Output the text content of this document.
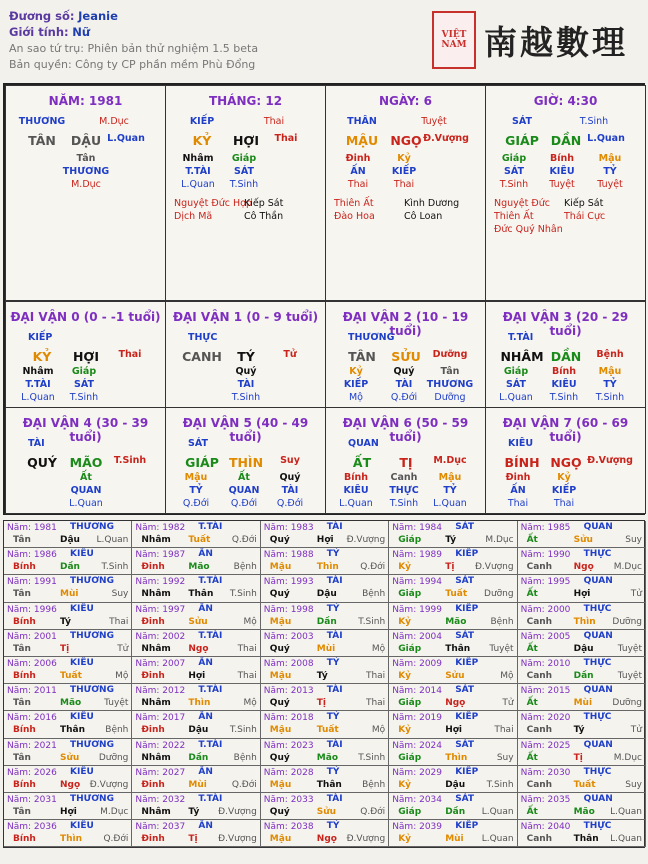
Đương số: Jeanie
Giới tính: Nữ
An sao tứ trụ: Phiên bản thử nghiệm 1.5 beta
Bản quyền: Công ty CP phần mềm Phù Đổng
VIỆT NAM 南越數理
NĂM: 1981
THƯƠNG	M.Dục
TÂN	DẬU L.Quan
Tân
THƯƠNG
M.Dục
THÁNG: 12
KIẾP	Thai
KỶ	HỢI	Thai
Nhâm	Giáp
T.TÀI	SÁT
L.Quan	T.Sinh
Nguyệt Đức Hợp
Kiếp Sát
Dịch Mã	Cô Thần
NGÀY: 6
THÂN	Tuyệt
MẬU NGỌ Đ.Vượng
Đinh	Kỷ
ẤN	KIẾP
Thai	Thai
Thiên Ất	Kình Dương
Đào Hoa	Cô Loan
GIỜ: 4:30
SÁT	T.Sinh
GIÁP DẦN L.Quan
Giáp	Bính	Mậu
SÁT	KIÊU	TỶ
T.Sinh	Tuyệt	Tuyệt
Nguyệt Đức Kiếp Sát
Thiên Ất	Thái Cực
Đức Quý Nhân
ĐẠI VẬN 0 (0 - -1 tuổi)
KIẾP
KỶ	HỢI	Thai
Nhâm	Giáp
T.TÀI	SÁT
L.Quan	T.Sinh
ĐẠI VẬN 1 (0 - 9 tuổi)
THỰC
CANH	TÝ	Tử
Quý
TÀI
T.Sinh
ĐẠI VẬN 2 (10 - 19 tuổi)
THƯƠNG
TÂN	SỬU	Dưỡng
Kỷ	Quý	Tân
KIẾP	TÀI	THƯƠNG
Mộ	Q.Đới	Dưỡng
ĐẠI VẬN 3 (20 - 29 tuổi)
T.TÀI
NHÂM DẦN	Bệnh
Giáp	Bính	Mậu
SÁT	KIÊU	TỶ
L.Quan	T.Sinh	T.Sinh
ĐẠI VẬN 4 (30 - 39 tuổi)
TÀI
QUÝ	MÃO	T.Sinh
Ất
QUAN
L.Quan
ĐẠI VẬN 5 (40 - 49 tuổi)
SÁT
GIÁP THÌN	Suy
Mậu	Ất	Quý
TỶ	QUAN	TÀI
Q.Đới	Q.Đới	Q.Đới
ĐẠI VẬN 6 (50 - 59 tuổi)
QUAN
ẤT	TỊ	M.Dục
Bính	Canh	Mậu
KIÊU	THỰC	TỶ
L.Quan	T.Sinh	L.Quan
ĐẠI VẬN 7 (60 - 69 tuổi)
KIÊU
BÍNH NGỌ Đ.Vượng
Đinh	Kỷ
ẤN	KIẾP
Thai	Thai
Năm: 1981 THƯƠNG
Tân	Dậu L.Quan
Năm: 1982 T.TÀI
Nhâm Tuất Q.Đới
Năm: 1983 TÀI
Quý	Hợi Đ.Vượng
Năm: 1984 SÁT
Giáp	Tý	M.Dục
Năm: 1985 QUAN
Ất	Sửu	Suy
Năm: 1986 KIÊU
Bính	Dần T.Sinh
Năm: 1987 ẤN
Đinh	Mão	Bệnh
Năm: 1988 TỶ
Mậu	Thìn Q.Đới
Năm: 1989 KIẾP
Kỷ	Tị Đ.Vượng
Năm: 1990 THỰC
Canh Ngọ M.Dục
Năm: 1991 THƯƠNG
Tân	Mùi	Suy
Năm: 1992 T.TÀI
Nhâm Thân T.Sinh
Năm: 1993 TÀI
Quý	Dậu	Bệnh
Năm: 1994 SÁT
Giáp	Tuất Dưỡng
Năm: 1995 QUAN
Ất	Hợi	Tử
Năm: 1996 KIÊU
Bính	Tý	Thai
Năm: 1997 ẤN
Đinh	Sửu	Mộ
Năm: 1998 TỶ
Mậu	Dần T.Sinh
Năm: 1999 KIẾP
Kỷ	Mão	Bệnh
Năm: 2000 THỰC
Canh Thìn Dưỡng
Năm: 2001 THƯƠNG
Tân	Tị	Tử
Năm: 2002 T.TÀI
Nhâm Ngọ	Thai
Năm: 2003 TÀI
Quý	Mùi	Mộ
Năm: 2004 SÁT
Giáp	Thân Tuyệt
Năm: 2005 QUAN
Ất	Dậu	Tuyệt
Năm: 2006 KIÊU
Bính	Tuất	Mộ
Năm: 2007 ẤN
Đinh	Hợi	Thai
Năm: 2008 TỶ
Mậu	Tý	Thai
Năm: 2009 KIẾP
Kỷ	Sửu	Mộ
Năm: 2010 THỰC
Canh Dần	Tuyệt
Năm: 2011 THƯƠNG
Tân	Mão	Tuyệt
Năm: 2012 T.TÀI
Nhâm Thìn	Mộ
Năm: 2013 TÀI
Quý	Tị	Thai
Năm: 2014 SÁT
Giáp	Ngọ	Tử
Năm: 2015 QUAN
Ất	Mùi Dưỡng
Năm: 2016 KIÊU
Bính	Thân Bệnh
Năm: 2017 ẤN
Đinh	Dậu T.Sinh
Năm: 2018 TỶ
Mậu	Tuất	Mộ
Năm: 2019 KIẾP
Kỷ	Hợi	Thai
Năm: 2020 THỰC
Canh Tý	Tử
Năm: 2021 THƯƠNG
Tân	Sửu Dưỡng
Năm: 2022 T.TÀI
Nhâm Dần	Bệnh
Năm: 2023 TÀI
Quý	Mão T.Sinh
Năm: 2024 SÁT
Giáp	Thìn	Suy
Năm: 2025 QUAN
Ất	Tị	M.Dục
Năm: 2026 KIÊU
Bính	Ngọ Đ.Vượng
Năm: 2027 ẤN
Đinh	Mùi	Q.Đới
Năm: 2028 TỶ
Mậu	Thân Bệnh
Năm: 2029 KIẾP
Kỷ	Dậu T.Sinh
Năm: 2030 THỰC
Canh Tuất	Suy
Năm: 2031 THƯƠNG
Tân	Hợi	M.Dục
Năm: 2032 T.TÀI
Nhâm Tý Đ.Vượng
Năm: 2033 TÀI
Quý	Sửu	Q.Đới
Năm: 2034 SÁT
Giáp	Dần L.Quan
Năm: 2035 QUAN
Ất	Mão L.Quan
Năm: 2036 KIÊU
Bính	Thìn Q.Đới
Năm: 2037 ẤN
Đinh	Tị Đ.Vượng
Năm: 2038 TỶ
Mậu	Ngọ Đ.Vượng
Năm: 2039 KIẾP
Kỷ	Mùi L.Quan
Năm: 2040 THỰC
Canh Thân L.Quan
